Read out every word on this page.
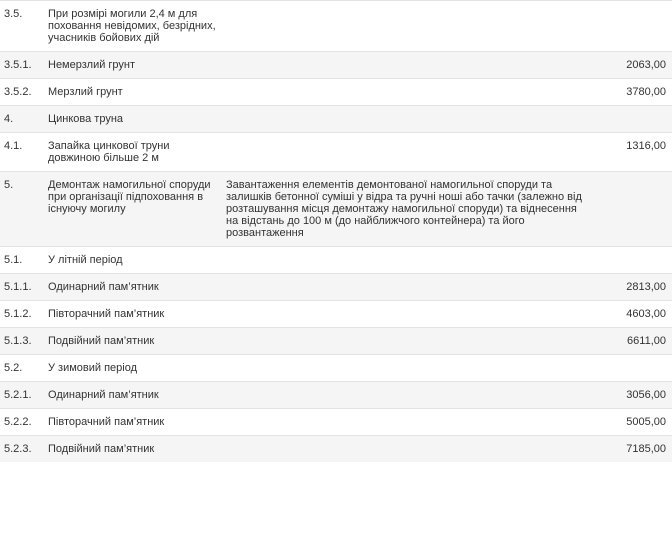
3.5.	При розмірі могили 2,4 м для поховання невідомих, безрідних, учасників бойових дій		
3.5.1.	Немерзлий грунт		2063,00
3.5.2.	Мерзлий грунт		3780,00
4.	Цинкова труна		
4.1.	Запайка цинкової труни довжиною більше 2 м		1316,00
5.	Демонтаж намогильної споруди при організації підпоховання в існуючу могилу	Завантаження елементів демонтованої намогильної споруди та залишків бетонної суміші у відра та ручні ноші або тачки (залежно від розташування місця демонтажу намогильної споруди) та віднесення на відстань до 100 м (до найближчого контейнера) та його розвантаження	
5.1.	У літній період		
5.1.1.	Одинарний пам’ятник		2813,00
5.1.2.	Півторачний пам’ятник		4603,00
5.1.3.	Подвійний пам’ятник		6611,00
5.2.	У зимовий період		
5.2.1.	Одинарний пам’ятник		3056,00
5.2.2.	Півторачний пам’ятник		5005,00
5.2.3.	Подвійний пам’ятник		7185,00
